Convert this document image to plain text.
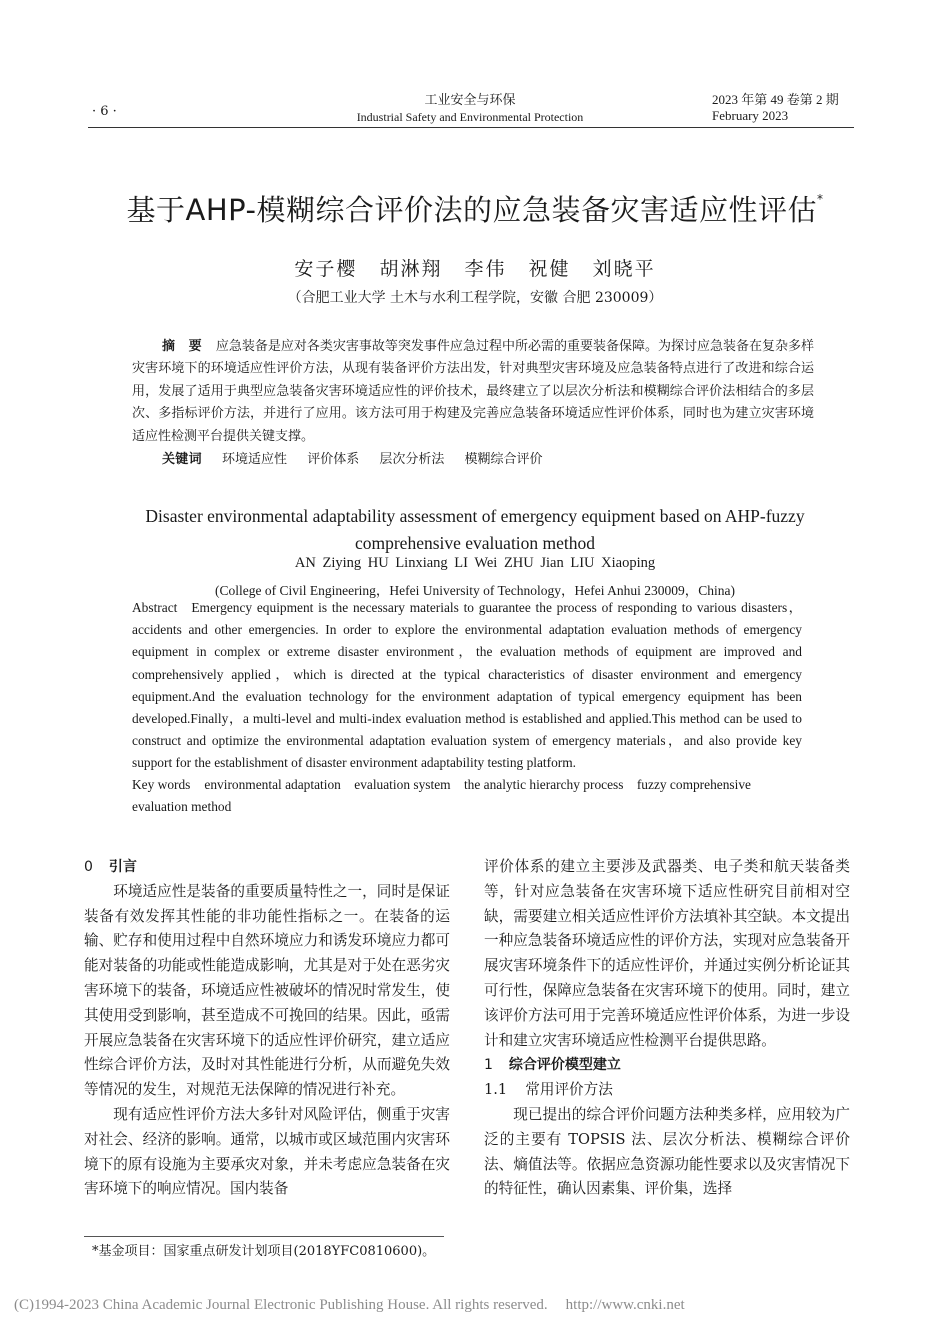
· 6 ·
工业安全与环保
Industrial Safety and Environmental Protection
2023 年第 49 卷第 2 期
February 2023
基于AHP-模糊综合评价法的应急装备灾害适应性评估*
安子樱 胡淋翔 李伟 祝健 刘晓平
（合肥工业大学 土木与水利工程学院，安徽 合肥 230009）
摘　要 应急装备是应对各类灾害事故等突发事件应急过程中所必需的重要装备保障。为探讨应急装备在复杂多样灾害环境下的环境适应性评价方法，从现有装备评价方法出发，针对典型灾害环境及应急装备特点进行了改进和综合运用，发展了适用于典型应急装备灾害环境适应性的评价技术，最终建立了以层次分析法和模糊综合评价法相结合的多层次、多指标评价方法，并进行了应用。该方法可用于构建及完善应急装备环境适应性评价体系，同时也为建立灾害环境适应性检测平台提供关键支撑。
关键词 环境适应性 评价体系 层次分析法 模糊综合评价
Disaster environmental adaptability assessment of emergency equipment based on AHP-fuzzy
comprehensive evaluation method
AN Ziying HU Linxiang LI Wei ZHU Jian LIU Xiaoping
(College of Civil Engineering，Hefei University of Technology，Hefei Anhui 230009，China)
Abstract Emergency equipment is the necessary materials to guarantee the process of responding to various disasters，accidents and other emergencies. In order to explore the environmental adaptation evaluation methods of emergency equipment in complex or extreme disaster environment，the evaluation methods of equipment are improved and comprehensively applied，which is directed at the typical characteristics of disaster environment and emergency equipment.And the evaluation technology for the environment adaptation of typical emergency equipment has been developed.Finally，a multi-level and multi-index evaluation method is established and applied.This method can be used to construct and optimize the environmental adaptation evaluation system of emergency materials，and also provide key support for the establishment of disaster environment adaptability testing platform.
Key words environmental adaptation    evaluation system    the analytic hierarchy process    fuzzy comprehensive evaluation method

0 引言

环境适应性是装备的重要质量特性之一，同时是保证装备有效发挥其性能的非功能性指标之一。在装备的运输、贮存和使用过程中自然环境应力和诱发环境应力都可能对装备的功能或性能造成影响，尤其是对于处在恶劣灾害环境下的装备，环境适应性被破坏的情况时常发生，使其使用受到影响，甚至造成不可挽回的结果。因此，亟需开展应急装备在灾害环境下的适应性评价研究，建立适应性综合评价方法，及时对其性能进行分析，从而避免失效等情况的发生，对规范无法保障的情况进行补充。

现有适应性评价方法大多针对风险评估，侧重于灾害对社会、经济的影响。通常，以城市或区域范围内灾害环境下的原有设施为主要承灾对象，并未考虑应急装备在灾害环境下的响应情况。国内装备

评价体系的建立主要涉及武器类、电子类和航天装备类等，针对应急装备在灾害环境下适应性研究目前相对空缺，需要建立相关适应性评价方法填补其空缺。本文提出一种应急装备环境适应性的评价方法，实现对应急装备开展灾害环境条件下的适应性评价，并通过实例分析论证其可行性，保障应急装备在灾害环境下的使用。同时，建立该评价方法可用于完善环境适应性评价体系，为进一步设计和建立灾害环境适应性检测平台提供思路。

1 综合评价模型建立

1.1 常用评价方法

现已提出的综合评价问题方法种类多样，应用较为广泛的主要有 TOPSIS 法、层次分析法、模糊综合评价法、熵值法等。依据应急资源功能性要求以及灾害情况下的特征性，确认因素集、评价集，选择

*基金项目：国家重点研发计划项目(2018YFC0810600)。
(C)1994-2023 China Academic Journal Electronic Publishing House. All rights reserved. http://www.cnki.net
